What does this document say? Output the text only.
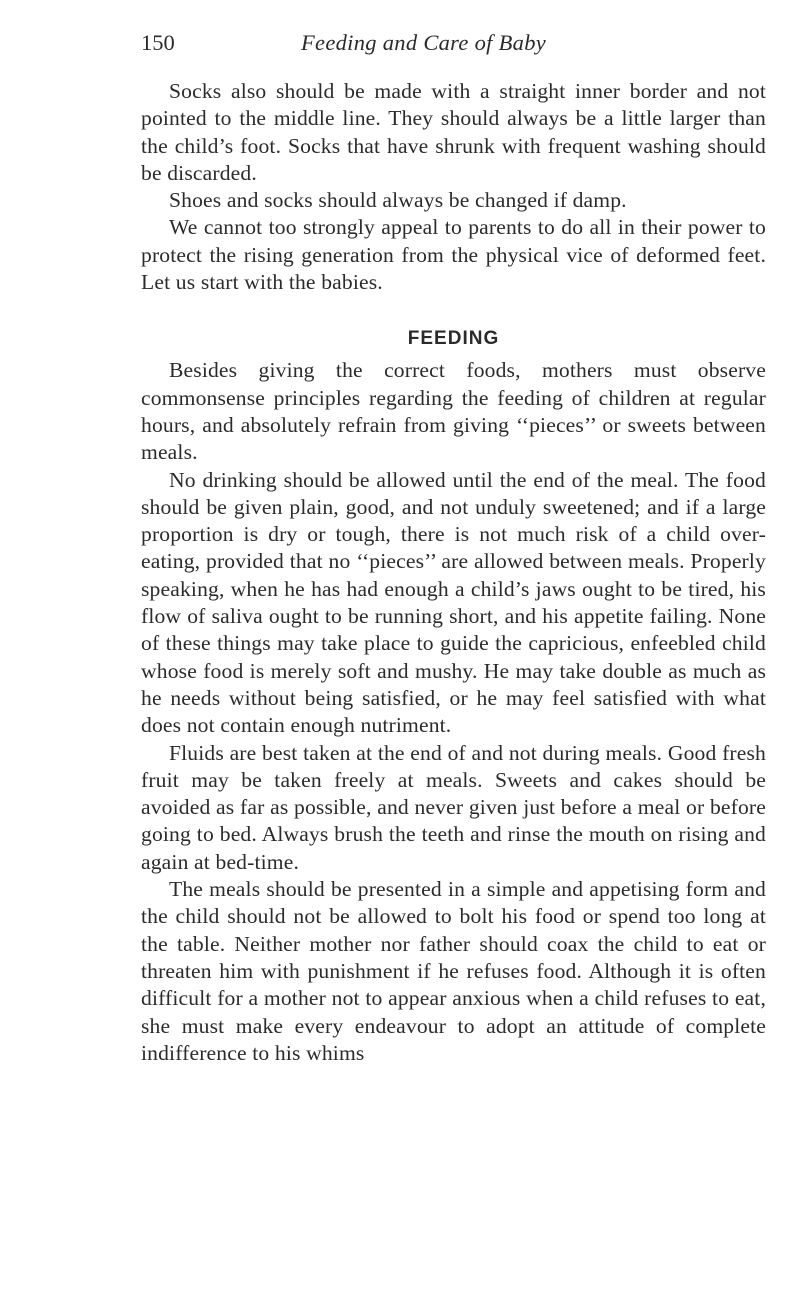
150	Feeding and Care of Baby

Socks also should be made with a straight inner border and not pointed to the middle line. They should always be a little larger than the child’s foot. Socks that have shrunk with frequent washing should be discarded.

Shoes and socks should always be changed if damp.

We cannot too strongly appeal to parents to do all in their power to protect the rising generation from the physical vice of deformed feet. Let us start with the babies.

FEEDING

Besides giving the correct foods, mothers must observe commonsense principles regarding the feeding of children at regular hours, and absolutely refrain from giving ‘‘pieces’’ or sweets between meals.

No drinking should be allowed until the end of the meal. The food should be given plain, good, and not unduly sweetened; and if a large proportion is dry or tough, there is not much risk of a child over-eating, provided that no ‘‘pieces’’ are allowed between meals. Properly speaking, when he has had enough a child’s jaws ought to be tired, his flow of saliva ought to be running short, and his appetite failing. None of these things may take place to guide the capricious, enfeebled child whose food is merely soft and mushy. He may take double as much as he needs without being satisfied, or he may feel satisfied with what does not contain enough nutriment.

Fluids are best taken at the end of and not during meals. Good fresh fruit may be taken freely at meals. Sweets and cakes should be avoided as far as possible, and never given just before a meal or before going to bed. Always brush the teeth and rinse the mouth on rising and again at bed-time.

The meals should be presented in a simple and appetising form and the child should not be allowed to bolt his food or spend too long at the table. Neither mother nor father should coax the child to eat or threaten him with punishment if he refuses food. Although it is often difficult for a mother not to appear anxious when a child refuses to eat, she must make every endeavour to adopt an attitude of complete indifference to his whims
